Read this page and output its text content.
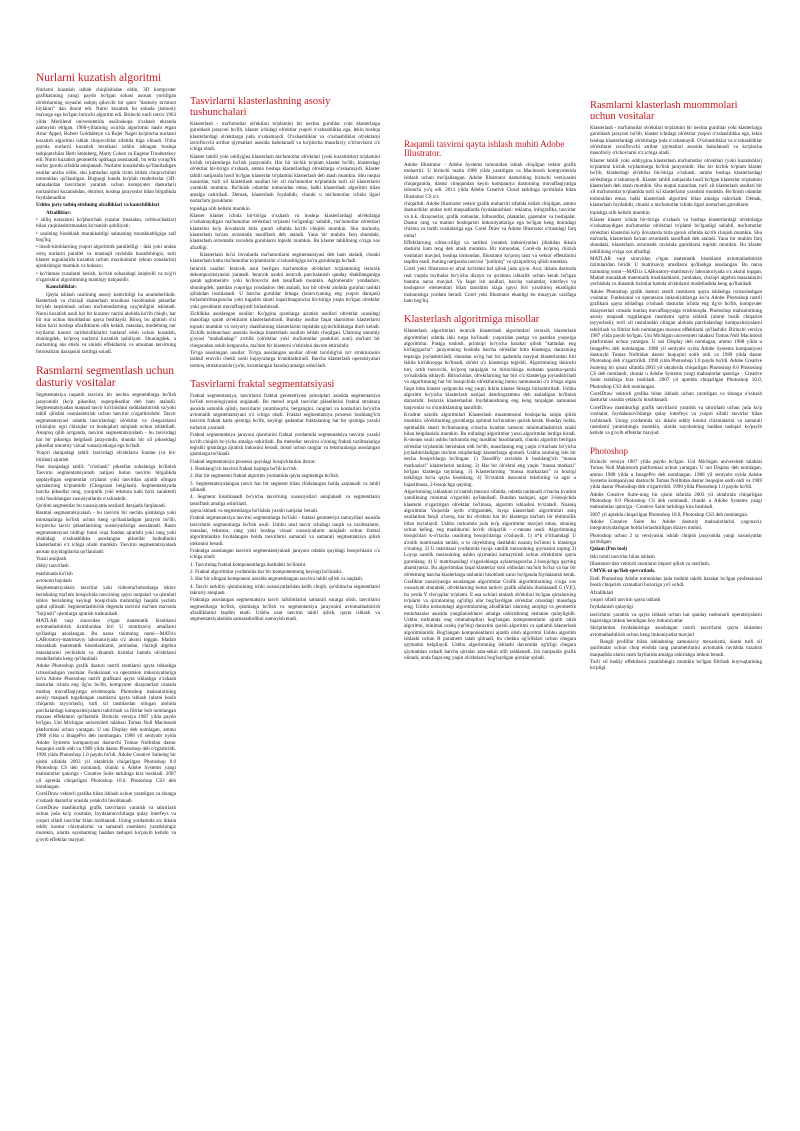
Nurlarni kuzatish algoritmi

Nurlarni kuzatish ishlab chiqilishidan oldin, 3D kompyuter grafikasining yangi paydo bo'lgan sohasi asosan yoritilgan ob'ektlarning soyasini tadqiq qiluvchi bir qator "dasturiy ta'minot hiylalari" dan iborat edi. Nurni kuzatish bu sohada jismoniy ma'noga ega bo'lgan birinchi algoritm edi. Birinchi nurli tasvir 1963 yilda Meriilend universitetida ossiloskopa o'xshash ekranda namoyish etilgan. 1960-yillarning oxirida algoritmni nashr etgan Artur Appel, Robert Goldshteyn va Rojer Nagel ko'pincha nurlarni kuzatish algoritmi ishlab chiquvchilar sifatida tilga olinadi. O'sha paytda nurlarni kuzatish texnikasi ushbu ishlagan boshqa tadqiqotchilar Herb Steinberg, Marty Cohen va Eugene Troubetzkoy edi. Nurni kuzatish geometrik optikaga asoslanadi, bu erda yorug'lik nurlar guruhi sifatida aniqlanadi. Nurlarni kuzatishda qo'llaniladigan usullar ancha oldin, shu jumladan optik tizim ishlab chiquvchilari tomonidan qo'llanilgan. Bugungi kunda ko'plab renderlerlar (3D-sahnalardan tasvirlarni yaratish uchun kompyuter dasturlari) nurlanishni kuzatishdan, ehtimol, boshqa jarayonlar bilan birgalikda foydalanadilar.

Ushbu joriy tatbiq etishning afzalliklari va kamchiliklari

Afzalliklar:

• silliq narsalarni ko'pburchak yuzalar (masalan, uchburchaklar) bilan yaqinlashtirmasdan ko'rsatish qobiliyati;

• usulning hisoblash murakkabligi sahnaning murakkabligiga zaif bog'liq;

• hisob-kitoblarning yuqori algoritmik parallelligi - ikki yoki undan ortiq nurlarni parallel va mustaqil ravishda kuzatishingiz, turli klaster tugunlarida kuzatish uchun maydonlarni (ekran zonalarini) ajratishingiz mumkin va hokazo;

• ko'rinmas yuzalarni kesish, ko'rish sohasidagi istiqbolli va to'g'ri o'zgarishlar algoritmning mantiqiy natijasidir.

Kamchiliklar:

Qayta ishlash usulining asosiy kamchiligi bu unumdorlikdir. Rasterlash va chiziqli skanerlash texnikasi hisoblashni piksellar bo'ylab taqsimlash uchun ma'lumotlarning uyg'unligini ishlatadi. Nurni kuzatish usuli har bir kuzatuv nurini alohida ko'rib chiqib, har bir nur uchun hisoblashni qayta boshlaydi. Biroq, bu ajratish o'zi bilan ba'zi boshqa afzalliklarni olib keladi, masalan, modelning nur tuyilarini kontur tartibsizliklarini bartaraf etish uchun kuzatish, shuningdek, ko'proq nurlarni kuzatish qobiliyati. Shuningdek, u nurlarning aks etishi va sinishi effektlarini va umuman tasvirning fotorealizm darajasini tartibga soladi.

Rasmlarni segmentlash uchun dasturiy vositalar

Segmentatsiya raqamli tasvirni bir nechta segmentlarga bo'lish jarayonidir (ko'p piksellar, superpiksellar deb ham ataladi). Segmentatsiyadan maqsad tasvir ko'rinishini soddalashtirish va/yoki tahlil qilishni osonlashtirish uchun tasvirni o'zgartirishdir. Tasvir segmentatsiyasi odatda tasvirlardagi ob'ektlar va chegaralarni (chiziqlar, egri chiziqlar va boshqalar) aniqlash uchun ishlatiladi. Aniqroq qilib aytganda, tasvirni segmentatsiyalash - bu tasvirdagi har bir pikselga belgilash jarayonidir, shunda bir xil pikseldagi piksellar umumiy vizual xususiyatlarga ega bo'ladi.

Yuqori darajadagi tahlil: tasvirdagi ob'ektlarni fondan (va bir-biridan) ajratish

Past darajadagi tahlil: "o'xshash" piksellar sohalariga bo'linish Tasvirni segmentatsiyalash natijasi butun tasvirni birgalikda qoplaydigan segmentlar to'plami yoki tasvirdan ajratib olingan qirralarning to'plamidir (Chegarani belgilash). Segmentatsiyada barcha piksellar rang, yorqinlik yoki tekstura kabi ba'zi xarakterli yoki hisoblangan xususiyatlarda o'xshashdir.

Qo'shni segmentlar bu xususiyatda sezilarli darajada farqlanadi.

Rasmni segmentatsiyalash - bu tasvirni bir nechta qismlarga yoki mintaqalarga bo'lish uchun keng qo'llaniladigan jarayon bo'lib, ko'pincha tasvir piksellarining xususiyatlariga asoslanadi. Rasm segmentatsiyasi oldingi fonni orqa fondan ajratishi yoki rang yoki shakldagi o'xshashlikka asoslangan piksellar hududlarini klasterlashni o'z ichiga olishi mumkin. Tasvirni segmentatsiyalash asosan quyidagilarda qo'llaniladi:

Yuzni aniqlash

tibbiy tasvirlash

mashinada ko'rish

avtonom haydash

Segmentatsiyalash: tasvirlar yoki videoma'lumotlarga ishlov berishning ma'lum bosqichida tasvirning qaysi nuqtalari va qismlari ishlov berishning keyingi bosqichida muhimligi haqida yechim qabul qilinadi. Segmentlashtirish degenda tasvirni ma'lum ma'noda "birjinsli" qismlarga ajratish tushuniladi.

MATLAB vaqt sinovidan o'tgan matematik hisoblarni avtomatlashtirish tizimlaridan biri U matritsaviy amallarni qo'llashga asoslangan. Bu narsa tizimning nomi—MATrix LABoratory-matritsaviy laboratoriyada o'z aksini topgan. Matlab murakkab matematik hisoblashlarni, jumladan, chiziqli algebra masalalarini yechishda va dinamik tizimlar hamda ob'ektlarni modellashda keng qo'llaniladi.

Adobe Photoshop grafik dasturi rastrli rasmlarni qayta ishlashga ixtisoslashgan vositalar. Funksional va operatsion imkoniyatlariga ko'ra Adobe Photoshop rastrli grafikani qayta ishlashga o'xshash dasturlar ichida eng ilg'or bo'lib, kompyuter dizaynerlari orasida mutlaq muvaffaqiyatga erishmoqda. Photoshop mahsulotining asosiy maqsadi tugallangan rasmlarni qayta ishlash (ularni bosib chiqarish tayyorlash), turli xil rasmlardan olingan alohida parchalardagi kompozitsiyalarni tahrirlash va filtrlar bob nomlangan maxsus effektlarni qo'llashdir. Birinchi versiya 1987 yilda paydo bo'lgan. Uni Michigan universiteti talabasi Tomas Noll Macintosh platformasi uchun yaratgan. U uni Display deb nomlagan, ammo 1988 yilda u ImagePro deb nomlangan. 1988 yil sentyabr oyida Adobe Systems kompaniyasi dasturchi Tomas Nolltidan dastur huquqini sotib oldi va 1989 yilda dastur Photoshop deb o'zgartirildi. 1990 yilda Photoshop 1.0 paydo bo'ldi. Adobe Creative Suiteing bir qismi sifatida 2003 yil oktabrida chiqarilgan Photoshop 8.0 Photoshop CS deb nomlandi, chunki u Adobe Systems yangi mahsulotlar qatoriga - Creative Suite tarkibiga kira boshladi. 2007 yil aprelda chiqarilgan Photoshop 10.0, Photoshop CS3 deb nomlangan.

CorelDraw vektorli grafika bilan ishlash uchun yaratilgan va shunga o'xshash dasturlar orasida yetakchi hisoblanadi.

CorelDraw mashhurligi grafik tasvirlarni yaratish va tahrirlash uchun juda ko'p vositalar, foydalanuvchilarga qulay interfeys va yuqori sifatli tasvirlar bilan izohlanadi. Uning yordamida siz ikkala oddiy kontur chizmalarini va samarali rasmlarni yaratishingiz mumkin, ularda sayohatning haddan tashqari ko'payib ketishi va g'oyib effektlar mavjud.

Tasvirlarni klasterlashning asosiy tushunchalari

Klasterlash - ma'lumotlar ob'ektlari to'plamini bir nechta guruhlar yoki klasterlarga guruhlash jarayoni bo'lib, klaster ichidagi ob'ektlar yuqori o'xshashlikka ega, lekin boshqa klasterlardagi ob'ektlarga juda o'xshamaydi. O'xshashliklar va o'xshashliklar ob'ektlarni tavsiflovchi atribut qiymatlari asosida baholanadi va ko'pincha masofaviy o'lchovlarni o'z ichiga oladi.

Klaster tahlili yoki oddiygina klasterlash ma'lumotlar ob'ektlari (yoki kuzatishlar) to'plamini kichik to'plamlarga bo'lish jarayonidir. Har bir kichik to'plam klaster bo'lib, klasterdagi ob'ektlar bir-biriga o'xshash, ammo boshqa klasterlardagi ob'ektlarga o'xshamaydi. Klaster tahlili natijasida hosil bo'lgan klasterlar to'plamini klasterlash deb atash mumkin. Shu nuqtai nazardan, turli xil klasterlash usullari bir xil ma'lumotlar to'plamida turli xil klasterlarni yaratishi mumkin. Bo'linish odamlar tomonidan emas, balki klasterlash algoritmi bilan amalga oshiriladi. Demak, klasterlash foydalidir, chunki u ma'lumotlar ichida ilgari noma'lum guruhlarni

topishga olib kelishi mumkin.

Klaster klaster ichida bir-biriga o'xshash va boshqa klasterlardagi ob'ektlarga o'xshamaydigan ma'lumotlar ob'ektlari to'plami bo'lganligi sababli, ma'lumotlar ob'ektlari klasterini ko'p ilovalarda bitta guruh sifatida ko'rib chiqish mumkin. Shu ma'noda, klasterlash ba'zan avtomatik tasniflash deb ataladi. Yana bir muhim farq shundaki, klasterlash avtomatik ravishda guruhlarni topishi mumkin. Bu klaster tahlilining o'ziga xos afzalligi.

Klasterlash bu'zi ilovalarda ma'lumotlarni segmentatsiyasi deb ham ataladi, chunki klasterlash katta ma'lumotlar to'plamlarini o'xshashligiga ko'ra guruhlarga bo'ladi.

Ierarxik usullar: Ierarxik usul berilgan ma'lumotlar ob'ektlari to'plamining ierarxik dekompozitsiyasini yaratadi. Ierarxik usulni ierarxik parchalanish qanday shakllanganiga qarab aglomerativ yoki bo'linuvchi deb tasniflash mumkin. Aglomerativ yondashuv, shuningdek, pastdan yuqoriga yondashuv deb ataladi, har bir ob'ekt alohida guruhni tashkil qilishdan boshlanadi. U barcha guruhlar bittaga (ierarxiyaning eng yuqori darajasi) birlashtirilmaguncha yoki tugatish sharti bajarilmaguncha bir-biriga yaqin bo'lgan ob'ektlar yoki guruhlarni muvaffaqiyatli birlashtiradi.

Zichlikka asoslangan usullar: Ko'pgina qismlarga ajratish usullari ob'ektlar orasidagi masofaga qarab ob'ektlarni klasterlashtiradi. Bunday usullar faqat sharsimon klasterlarni topishi mumkin va ixtiyoriy shakllarning klasterlarini topishda qiyinchiliklarga duch keladi. Zichlik tushunchasi asosida boshqa klasterlash usullari ishlab chiqilgan. Ularning umumiy g'oyasi "mahalladagi" zichlik (ob'ektlar yoki ma'lumotlar punktlari soni) ma'lum bir chegaradan oshib ketguncha, ma'lum bir klasterni o'stirishni davom ettirishdir.

To'rga asoslangan usullar: To'rga asoslangan usullar ob'ekt bo'shlig'ini to'r strukturasini tashkil etuvchi chekli sonli hujayralarga kvantlashtiradi. Barcha klasterlash operatsiyalari tarmoq strukturasida (ya'ni, kvantlangan fazoda) amalga oshiriladi.

Tasvirlarni fraktal segmentatsiyasi

Fraktal segmentatsiya, tasvirlarni fraktal geometriyasi prinsiplari asosida segmentatsiya bo'lish texnologiyasini anglatadi. Bu metod orqali tasvirlar piksellerini fraktal struktura asosida ustunlik qilish, tasvirlarni yaratmoqchi, bergangini, ranglari va konturlari bo'yicha avtomatik segmentatsiyani o'z ichiga oladi. Fraktal segmentatsiya prosessi boshlang'ich tasvirni fraktal katta qismiga bo'lib, keyingi qadamlar fraktalaning har bir qismiga yaxshi turlarini yaratadi.

Fraktal segmentatsiya jarayoni qismlarini fraktal yordamida segmentatsiya tasvirni yaxshi ko'rib chiqish bo'yicha amalga oshiriladi. Bu metodlar tasvirni o'zining fraktal tuzilmalariga tegishli qismlarga ajratish imkonini beradi, misol uchun ranglar va teksturalarga asoslangan qismlarga bo'linadi.

Fraktal segmentatsiya prosessi quyidagi bosqichlardan iborat:

1. Boshlang'ich tasvirni fraktal hajmga bo'lib ko'rish.

2. Har bir segmentni fraktal algoritm yordamida qayta segmentga bo'lish.

3. Segmentatsiyalangan tasvir har bir segment bilan ifodalangan holda saqlanadi va tahlil qilinadi.

4. Segment hisoblanadi bo'yicha tasvirning xususiyatlari aniqlanadi va segmentlarni tasniflash amalga oshiriladi.

qayta ishlash va segmentlarga bo'lishda yaxshi natijalar beradi.

Fraktal segmentatsiya tasvirni segmentlarga bo'lishi - fraktal geometriya tamoyillari asosida tasvirlarni segmentlarga bo'lish usuli. Ushbu usul tasvir ichidagi naqsh va tuzilmalarni, masalan, tekstura, rang yoki boshqa vizual xususiyatlarni aniqlash uchun fraktal algoritmlardan foydalangan holda tasvirlarni samarali va samarali segmentatsiya qilish imkonini beradi.

Fraktalga asoslangan tasvirni segmentatsiyalash jarayoni odatda quyidagi bosqichlarni o'z ichiga oladi:

1. Tasvirning fraktal komponentlarga dastlabki bo'linishi.

2. Fraktal algoritmlar yordamida har bir komponentning keyingi bo'linishi.

3. Har bir olingan komponent asosida segmentlangan tasvirni tahlil qilish va saqlash.

4. Tasvir tarkibiy qismlarining ichki xususiyatlaridan kelib chiqib, qo'shimcha segmentlarni takroriy aniqlash.

Fraktalga asoslangan segmentatsiya tasvir tafsilotlarini samarali suratga olish, tasvirlarni segmentlarga bo'lish, qismlarga bo'lish va segmentatsiya jarayonini avtomatlashtirish afzalliklarini taqdim etadi. Ushbu usul tasvirni tahlil qilish, qayta ishlash va segmentatsiyalashda samaradorlikni namoyish etadi.

Raqamli tasvirni qayta ishlash muhiti Adobe Illustrator.

Adobe Illustrator - Adobe Systems tomonidan ishlab chiqilgan vektor grafik muharriri. U birinchi marta 1986 yilda yaratilgan va Macintosh kompyuterida ishlash uchun mo'ljallangan. Adobe Illustrator dasturining birinchi versiyasini chiqarganida, dastur chiqqandan keyin kompaniya dasturning muvaffaqiyatiga ishonchi yo'q edi. 2011 yilda Adobe Creative Cloud tarkibiga qo'shilishi bilan Illustrator CS o'z

chiqarildi. Adobe Illustrator vektor grafik muharriri sifatida ishlab chiqilgan, ammo dasturchilar undan turli maqsadlarda foydalanishlari: reklama, infografika, tasvirlar va h.k. dizaynerlar, grafik romanlar, bilboardlar, plakatlar, gazetalar va boshqalar. Dastur rang va matnni boshqarish imkoniyatlariga ega bo'lgan keng doiradagi chizma va tartib vositalariga ega. Corel Draw va Adobe Illustrator o'rtasidagi farq nima?

Effektlarning xilma-xilligi va tartibni yaratish imkoniyatlari jihatidan ikkala dasturni ham teng deb atash mumkin. Bir tomondan, Corel-da ko'proq chizish vositalari mavjud, boshqa tomondan, Illustrator ko'proq rastr va vektor effektlarini taqdim etadi, buning natijasida tasvirni "jonlirоq" va qiziqarliroq qilish mumkin.

Corel yoki Illustrator-ni afzal ko'rishni hal qilish juda qiyin. Axir, ikkala dasturda real vaqtda loyihalar bo'yicha dizayn va qo'shma ishlarlik uchun kerak bo'lgan hamma narsa mavjud. Va faqat ish usullari, barcha variantlar, interfeys va boshqaruv elementlari bilan tanishish sizga qaysi biri yaxshiroq ekanligini tushunishga yordam beradi. Corel yoki Illustrator ekanligi bu muayyan vazifaga ham bog'liq.

Klasterlash algoritmiga misollar

Klasterlash algoritmlari ierarxik klasterlash algoritmlari ierarxik klasterlash algoritmlari odatda ikki turga bo'linadi: yuqoridan pastga va pastdan yuqoriga algoritmlar. Pastga tushish, printsipi bo'yicha harakat qilish "kattadan eng kichigigacha": jarayonning boshida barcha ob'ektlar bitta klasterga, daraxtning tepasiga joylashtiriladi, shundan so'ng har bir qadamda mavjud klasterlardan biri ikkita kichikroqqa bo'linadi, ob'ekt o'z klasteriga tegishli. Algoritmning ikkinchi turi, ortib boruvchi, ko'proq tarqalgan va birinchisiga nisbatan qarama-qarshi yo'nalishda ishlaydi. Birinchidan, ob'ektlarning har biri o'z klasteriga joylashtiriladi va algoritmning har bir bosqichida ob'ektlarning butun namunasini o'z ichiga olgan faqat bitta klaster qolguncha eng yaqin ikkita klaster bittaga birlashtiriladi. Ushbu algoritm bo'yicha klasterlash natijasi dendrogramma deb ataladigan bo'linish daraxtidir. Ierarxik klasterlashni foydalanishning eng keng tarqalgan namunasi haqvonlar va o'simliklarning tasnifidir.

Kvadrat xatolik algoritmlari Klasterlash muammosini boshqacha talqin qilish mumkin: ob'ektlarning guruhlarga optimal bo'linishini qurish kerak. Bunday holda, optimallik sharti bo'linmaning o'rtacha kvadrat xatosini minimallashtirish talabi bilan belgilanishi mumkin. Bu toifadagi algoritmlar yaxsi algoritmlar ierdiga kiradi. K-means usuli ushbu turkumda eng mashhur hisoblanadi, chunki algoritm berilgan ob'ektlar to'plamini berishdan oldi bo'lib, masofaning eng yaqin o'rtachasi bo'yicha joylashtiriladigan ma'lum miqdordagi klasterlarga ajratadi. Ushbu usulning ishi bir necha bosqichlarga bo'lingan: 1) Tasodifiy ravishda k boshlang'ich "massa markazlari" klasterlarini tanlang. 2) Har bir ob'ektni eng yaqin "massa markazi" bo'lgan klasterga tayinlang. 3) Klasterlarning "massa markazlari" ni hozirgi tarkibiga ko'ra qayta hisoblang. 4) To'xtatish mezonini tekshiring va agar u bajarilmasa, 2-bosqichga qayting.

Algoritmning ishlashini to'xtatish mezoni sifatida, odatda tanlanadi o'rtacha kvadrat xatolikning minimal o'zgarishi qo'llaniladi. Bundan tashqari, agar 2-bosqichda klasterni o'zgartirgan ob'ektlar bo'lmasa, algoritm ishlashni to'xtatadi. Noaniq algoritmlar Yuqorida aytib o'tilganidek, loyqa klasterlash algoritmlari aniq usullardan farqli o'laroq, har bir ob'ektni har bir klasterga ma'lum bir ehtimollik bilan tayinlaydi. Ushbu turkumda juda ko'p algoritmlar mavjud emas, shuning uchun keling, eng mashhurini ko'rib chiqaylik - c-means usuli. Algoritmning bosqichlari k-o'rtacha usulining bosqichlariga o'xshaydi. 1) n*k o'lchamdagi U a'zolik matritsasini tanlab, n to obyektning dastlabki noaniq bo'linmi k klasterga o'rnating. 2) U matritsasi yordamida loyqa xatolik mezonining qiymatini toping 3) Loyqa xatolik mezonining ushbu qiymatini kamaytirish uchun ob'ektlarni qayta guruhlang. 4) U matritsasidagi o'zgarishlarga aylanmaguncha 2-bosqichga qayting ahamiyatsiz. Bu algoritmdan faqat klasterlar soni oldindan ma'lum bo'lsa va har bir ob'ektning barcha klasterlarga nisbatini hisoblash zarur bo'lganda foydalanish kerak.

Grafiklar nazariyasiga asoslangan algoritmlar Grafik algoritmlarining o'ziga xos xususiyati shundaki, ob'ektlarning butun tanlovi grafik sifatida ifodalanadi G (V,E), bu yerda V cho'qqilar to'plami. E esa uchlari tanlash ob'ektlari bo'lgan qirralarning to'plami va qirralarning og'irligi ular bog'laydigan ob'ektlar orasidagi masofaga teng. Ushbu turkumdagi algoritmlarning afzalliklari ularning aniqligi va geometrik mulohazalar asosida yangilanishlarni amalga oshirishning nisbatan qulayligidir. Ushbu turkumda eng ommabopllari bog'langan komponentlarni ajratib olish algoritmi, minimal oraliq (qo'ltiq) daraxtini qurish algoritmi va qatlamli klasterlash algoritmlaridir. Bog'langan komponentlarni ajratib olish algoritmi Ushbu algoritm ishlashi uchun R parametri talab qilinadi, bu chekka og'irliklari uchun chegara qiymatini belgilaydi. Ushbu algoritmning ishlashi davomida og'irligi chegara qiymatidan oshadi barcha qirralar asta-sekin olib tashlanadi. Ish natijasida grafik olinadi, unda faqat eng yaqin ob'ektlarni bog'laydigan qirralar qoladi.

Rasmlarni klasterlash muommolari uchun vositalar

Klasterlash - ma'lumotlar ob'ektlari to'plamini bir nechta guruhlar yoki klasterlarga guruhlash jarayoni bo'lib, klaster ichidagi ob'ektlar yuqori o'xshashlikka ega, lekin boshqa klasterlardagi ob'ektlarga juda o'xshamaydi. O'xshashliklar va o'xshashliklar ob'ektlarni tavsiflovchi atribut qiymatlari asosida baholanadi va ko'pincha masofaviy o'lchovlarni o'z ichiga oladi.

Klaster tahlili yoki oddiygina klasterlash ma'lumotlar ob'ektlari (yoki kuzatishlar) to'plamini kichik to'plamlarga bo'lish jarayonidir. Har bir kichik to'plam klaster bo'lib, klasterdagi ob'ektlar bir-biriga o'xshash, ammo boshqa klasterlardagi ob'ektlarga o'xshamaydi. Klaster tahlili natijasida hosil bo'lgan klasterlar to'plamini klasterlash deb atash mumkin. Shu nuqtai nazardan, turli xil klasterlash usullari bir xil ma'lumotlar to'plamida turli xil klasterlarni yaratishi mumkin. Bo'linish odamlar tomonidan emas, balki klasterlash algoritmi bilan amalga oshiriladi. Demak, klasterlash foydalidir, chunki u ma'lumotlar ichida ilgari noma'lum guruhlarni

topishga olib kelishi mumkin.

Klaster klaster ichida bir-biriga o'xshash va boshqa klasterlardagi ob'ektlarga o'xshamaydigan ma'lumotlar ob'ektlari to'plami bo'lganligi sababli, ma'lumotlar ob'ektlari klasterini ko'p ilovalarda bitta guruh sifatida ko'rib chiqish mumkin. Shu ma'noda, klasterlash ba'zan avtomatik tasniflash deb ataladi. Yana bir muhim farq shundaki, klasterlash avtomatik ravishda guruhlarni topishi mumkin. Bu klaster tahlilining o'ziga xos afzalligi.

MATLAB vaqt sinovidan o'tgan matematik hisoblarni avtomatlashtirish tizimlaridan biridir U matritsaviy amallarni qo'llashga asoslangan. Bu narsa tizimning nomi—MATrix LABoratory-matritsaviy laboratoriyada o'z aksini topgan. Matlab murakkab matematik hisoblashlarni, jumladan, chiziqli algebra masalalarini yechishda va dinamik tizimlar hamda ob'ektlarni modellashda keng qo'llaniladi.

Adobe Photoshop grafik dasturi rastrli rasmlarni qayta ishlashga ixtisoslashgan vositalar. Funksional va operatsion imkoniyatlariga ko'ra Adobe Photoshop rastrli grafikani qayta ishlashga o'xshash dasturlar ichida eng ilg'or bo'lib, kompyuter dizaynerlari orasida mutlaq muvaffaqiyatga erishmoqda. Photoshop mahsulotining asosiy maqsadi tugallangan rasmlarni qayta ishlash (ularni bosib chiqarish tayyorlash), turli xil rasmlardan olingan alohida parchalardagi kompozitsiyalarni tahrirlash va filtrlar bob nomlangan maxsus effektlarni qo'llashdir. Birinchi versiya 1987 yilda paydo bo'lgan. Uni Michigan universiteti talabasi Tomas Noll Macintosh platformasi uchun yaratgan. U uni Display deb nomlagan, ammo 1988 yilda u ImagePro deb nomlangan. 1988 yil sentyabr oyida Adobe Systems kompaniyasi dasturchi Tomas Nolltidan dastur huquqini sotib oldi va 1989 yilda dastur Photoshop deb o'zgartirildi. 1990 yilda Photoshop 1.0 paydo bo'ldi. Adobe Creative Suiteing bir qismi sifatida 2003 yil oktabrida chiqarilgan Photoshop 8.0 Photoshop CS deb nomlandi, chunki u Adobe Systems yangi mahsulotlar qatoriga - Creative Suite tarkibiga kira boshladi. 2007 yil aprelda chiqarilgan Photoshop 10.0, Photoshop CS3 deb nomlangan.

CorelDraw vektorli grafika bilan ishlash uchun yaratilgan va shunga o'xshash dasturlar orasida yetakchi hisoblanadi.

CorelDraw mashhurligi grafik tasvirlarni yaratish va tahrirlash uchun juda ko'p vositalar, foydalanuvchilarga qulay interfeys va yuqori sifatli tasvirlar bilan izohlanadi. Uning yordamida siz ikkala oddiy kontur chizmalarini va samarali rasmlarni yaratishingiz mumkin, ularda sayohatning haddan tashqari ko'payib ketishi va g'oyib effektlar mavjud.

Photoshop

Birinchi versiya 1987 yilda paydo bo'lgan. Uni Michigan universiteti talabasi Tomas Noll Makintosh platformasi uchun yaratgan. U uni Display deb nomlagan, ammo 1988 yilda u ImagePro deb nomlangan. 1988 yil sentyabr oyida Adobe Systems kompaniyasi dasturchi Tomas Nolltidan dastur huquqini sotib oldi va 1989 yilda dastur Photoshop deb o'zgartirildi. 1990 yilda Photoshop 1.0 paydo bo'ldi.

Adobe Creative Suite-ning bir qismi sifatida 2003 yil oktabrida chiqarilgan Photoshop 8.0 Photoshop CS deb nomlandi, chunki u Adobe Systems yangi mahsulotlar qatoriga - Creative Suite tarkibiga kira boshladi.

2007 yil aprelda chiqarilgan Photoshop 10.0, Photoshop CS3 deb nomlangan.

Adobe Creative Suite bu Adobe dasturiy mahsulotlarini yagonaviy integratsiyalashgan holda birlashtirilgan dizayn muhiti.

Photoshop uchun 2 ta versiyasini ishlab chiqish jarayonida yangi xususiyatlar qo'shilgan:

Qalam (Pen tool)

ikki tomli tasvirlar bilan ishlash

Illustrator-dan vektorli rasmlarni import qilish va rastrlash,

CMYK-ni qo'llab-quvvatlash.

Endi Photoshop Adobe tomonidan juda muhim taktik harakat bo'lgan professional bosib chiqarish xizmatlari bozoriga yo'l ochdi.

Afzalliklari

yuqori sifatli tasvirni qayta ishlash

foydalanish qulayligi

tasvirlarni yaratish va qayta ishlash uchun har qanday tushunarli operatsiyalarni bajarishga imkon beradigan boy imkoniyatlar

Skriptlardan foydalanishga asoslangan rastrli tasvirlarni qayta ishlashni avtomatlashtirish uchun keng imkoniyatlar mavjud

Rangli profillar bilan ishlashning zamonaviy mexanizmi, ularni turli xil qurilmalar uchun chop etishda rang parametrlarini avtomatik ravishda tuzatish maqsadida ularni rasm fayllarida amalga oshirishga imkon beradi.

Turli xil badiiy effektlarni yaratishingiz mumkin bo'lgan filtrlash buyruqlarining ko'pligi.
